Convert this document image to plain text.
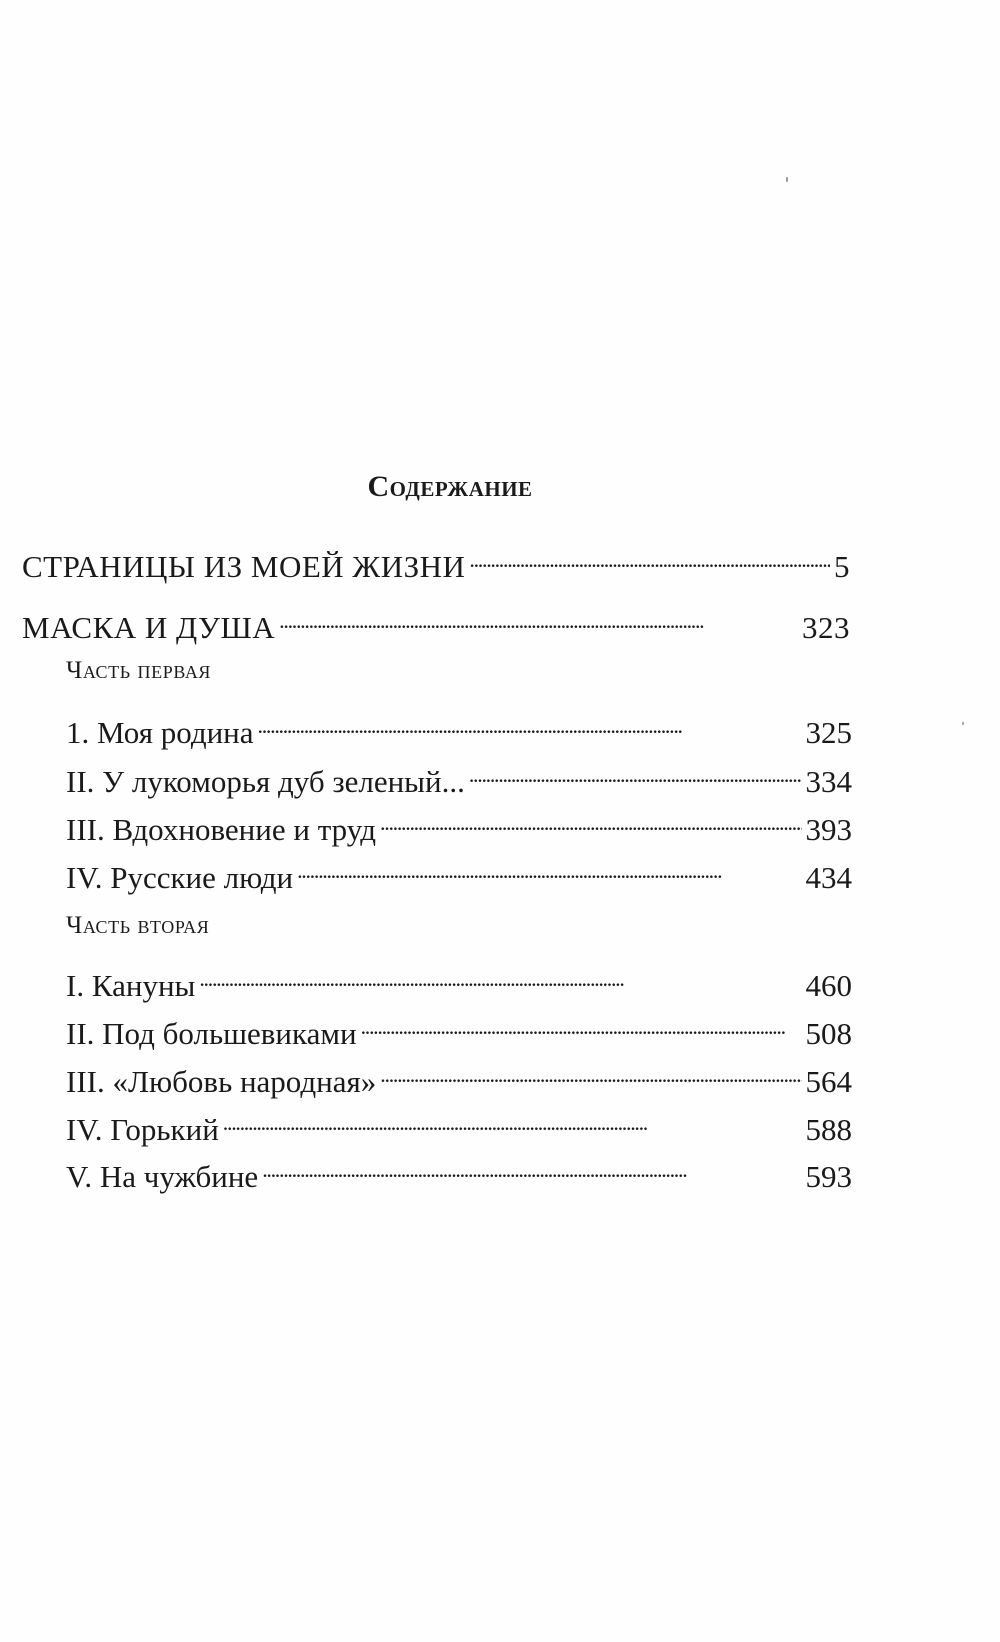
Содержание
СТРАНИЦЫ ИЗ МОЕЙ ЖИЗНИ . . .	5
МАСКА И ДУША . . .	323
Часть первая
1. Моя родина . . .	325
II. У лукоморья дуб зеленый... . . .	334
III. Вдохновение и труд . . .	393
IV. Русские люди . . .	434
Часть вторая
I. Кануны . . .	460
II. Под большевиками . . .	508
III. «Любовь народная» . . .	564
IV. Горький . . .	588
V. На чужбине . . .	593
